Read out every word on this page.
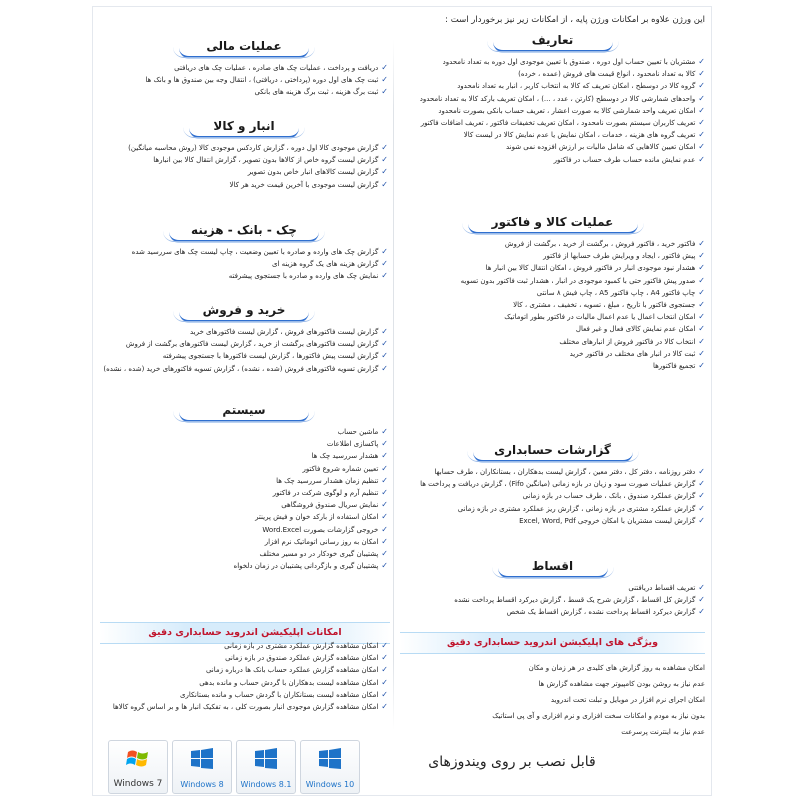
این ورژن علاوه بر امکانات ورژن پایه ، از امکانات زیر نیز برخوردار است :
تعاریف
✓مشتریان با تعیین حساب اول دوره ، صندوق با تعیین موجودی اول دوره به تعداد نامحدود
✓کالا به تعداد نامحدود ، انواع قیمت های فروش (عمده ، خرده)
✓گروه کالا در دوسطح ، امکان تعریف که کالا به انتخاب کاربر ، انبار به تعداد نامحدود
✓واحدهای شمارشی کالا در دوسطح (کارتن ، عدد ، ...) ، امکان تعریف بارکد کالا به تعداد نامحدود
✓امکان تعریف واحد شمارشی کالا به صورت اعشار ، تعریف حساب بانکی بصورت نامحدود
✓تعریف کاربران سیستم بصورت نامحدود ، امکان تعریف تخفیفات فاکتور ، تعریف اضافات فاکتور
✓تعریف گروه های هزینه ، خدمات ، امکان نمایش یا عدم نمایش کالا در لیست کالا
✓امکان تعیین کالاهایی که شامل مالیات بر ارزش افزوده نمی شوند
✓عدم نمایش مانده حساب طرف حساب در فاکتور
عملیات کالا و فاکتور
✓فاکتور خرید ، فاکتور فروش ، برگشت از خرید ، برگشت از فروش
✓پیش فاکتور ، ایجاد و ویرایش طرف حسابها از فاکتور
✓هشدار نبود موجودی انبار در فاکتور فروش ، امکان انتقال کالا بین انبار ها
✓صدور پیش فاکتور حتی با کمبود موجودی در انبار ، هشدار ثبت فاکتور بدون تسویه
✓چاپ فاکتور A4 ، چاپ فاکتور A5 ، چاپ فیش ۸ سانتی
✓جستجوی فاکتور با تاریخ ، مبلغ ، تسویه ، تخفیف ، مشتری ، کالا
✓امکان انتخاب اعمال یا عدم اعمال مالیات در فاکتور بطور اتوماتیک
✓امکان عدم نمایش کالای فعال و غیر فعال
✓انتخاب کالا در فاکتور فروش از انبارهای مختلف
✓ثبت کالا در انبار های مختلف در فاکتور خرید
✓تجمیع فاکتورها
گزارشات حسابداری
✓دفتر روزنامه ، دفتر کل ، دفتر معین ، گزارش لیست بدهکاران ، بستانکاران ، طرف حسابها
✓گزارش عملیات صورت سود و زیان در بازه زمانی (میانگین Fifo) ، گزارش دریافت و پرداخت ها
✓گزارش عملکرد صندوق ، بانک ، طرف حساب در بازه زمانی
✓گزارش عملکرد مشتری در بازه زمانی ، گزارش ریز عملکرد مشتری در بازه زمانی
✓گزارش لیست مشتریان با امکان خروجی Excel, Word, Pdf
اقساط
✓تعریف اقساط دریافتنی
✓گزارش کل اقساط ، گزارش شرح یک قسط ، گزارش دیرکرد اقساط پرداخت نشده
✓گزارش دیرکرد اقساط پرداخت نشده ، گزارش اقساط یک شخص
عملیات مالی
✓دریافت و پرداخت ، عملیات چک های صادره ، عملیات چک های دریافتی
✓ثبت چک های اول دوره (پرداختی ، دریافتی) ، انتقال وجه بین صندوق ها و بانک ها
✓ثبت برگ هزینه ، ثبت برگ هزینه های بانکی
انبار و کالا
✓گزارش موجودی کالا اول دوره ، گزارش کاردکس موجودی کالا (روش محاسبه میانگین)
✓گزارش لیست گروه خاص از کالاها بدون تصویر ، گزارش انتقال کالا بین انبارها
✓گزارش لیست کالاهای انبار خاص بدون تصویر
✓گزارش لیست موجودی با آخرین قیمت خرید هر کالا
چک - بانک - هزینه
✓گزارش چک های وارده و صادره با تعیین وضعیت ، چاپ لیست چک های سررسید شده
✓گزارش هزینه های یک گروه هزینه ای
✓نمایش چک های وارده و صادره با جستجوی پیشرفته
خرید و فروش
✓گزارش لیست فاکتورهای فروش ، گزارش لیست فاکتورهای خرید
✓گزارش لیست فاکتورهای برگشت از خرید ، گزارش لیست فاکتورهای برگشت از فروش
✓گزارش لیست پیش فاکتورها ، گزارش لیست فاکتورها با جستجوی پیشرفته
✓گزارش تسویه فاکتورهای فروش (شده ، نشده) ، گزارش تسویه فاکتورهای خرید (شده ، نشده)
سیستم
✓ماشین حساب
✓پاکسازی اطلاعات
✓هشدار سررسید چک ها
✓تعیین شماره شروع فاکتور
✓تنظیم زمان هشدار سررسید چک ها
✓تنظیم آرم و لوگوی شرکت در فاکتور
✓نمایش سریال صندوق فروشگاهی
✓امکان استفاده از بارکد خوان و فیش پرینتر
✓خروجی گزارشات بصورت Word.Excel
✓امکان به روز رسانی اتوماتیک نرم افزار
✓پشتیبان گیری خودکار در دو مسیر مختلف
✓پشتیبان گیری و بازگردانی پشتیبان در زمان دلخواه
امکانات اپلیکیشن اندروید حسابداری دقیق
✓امکان مشاهده گزارش عملکرد مشتری در بازه زمانی
✓امکان مشاهده گزارش عملکرد صندوق در بازه زمانی
✓امکان مشاهده گزارش عملکرد حساب بانک ها درباره زمانی
✓امکان مشاهده لیست بدهکاران با گردش حساب و مانده بدهی
✓امکان مشاهده لیست بستانکاران با گردش حساب و مانده بستانکاری
✓امکان مشاهده گزارش موجودی انبار بصورت کلی ، به تفکیک انبار ها و بر اساس گروه کالاها
ویژگی های اپلیکیشن اندروید حسابداری دقیق
امکان مشاهده به روز گزارش های کلیدی در هر زمان و مکان
عدم نیاز به روشن بودن کامپیوتر جهت مشاهده گزارش ها
امکان اجرای نرم افزار در موبایل و تبلت تحت اندروید
بدون نیاز به مودم و امکانات سخت افزاری و نرم افزاری و آی پی استاتیک
عدم نیاز به اینترنت پرسرعت
قابل نصب بر روی ویندوزهای
Windows 7	Windows 8	Windows 8.1	Windows 10
